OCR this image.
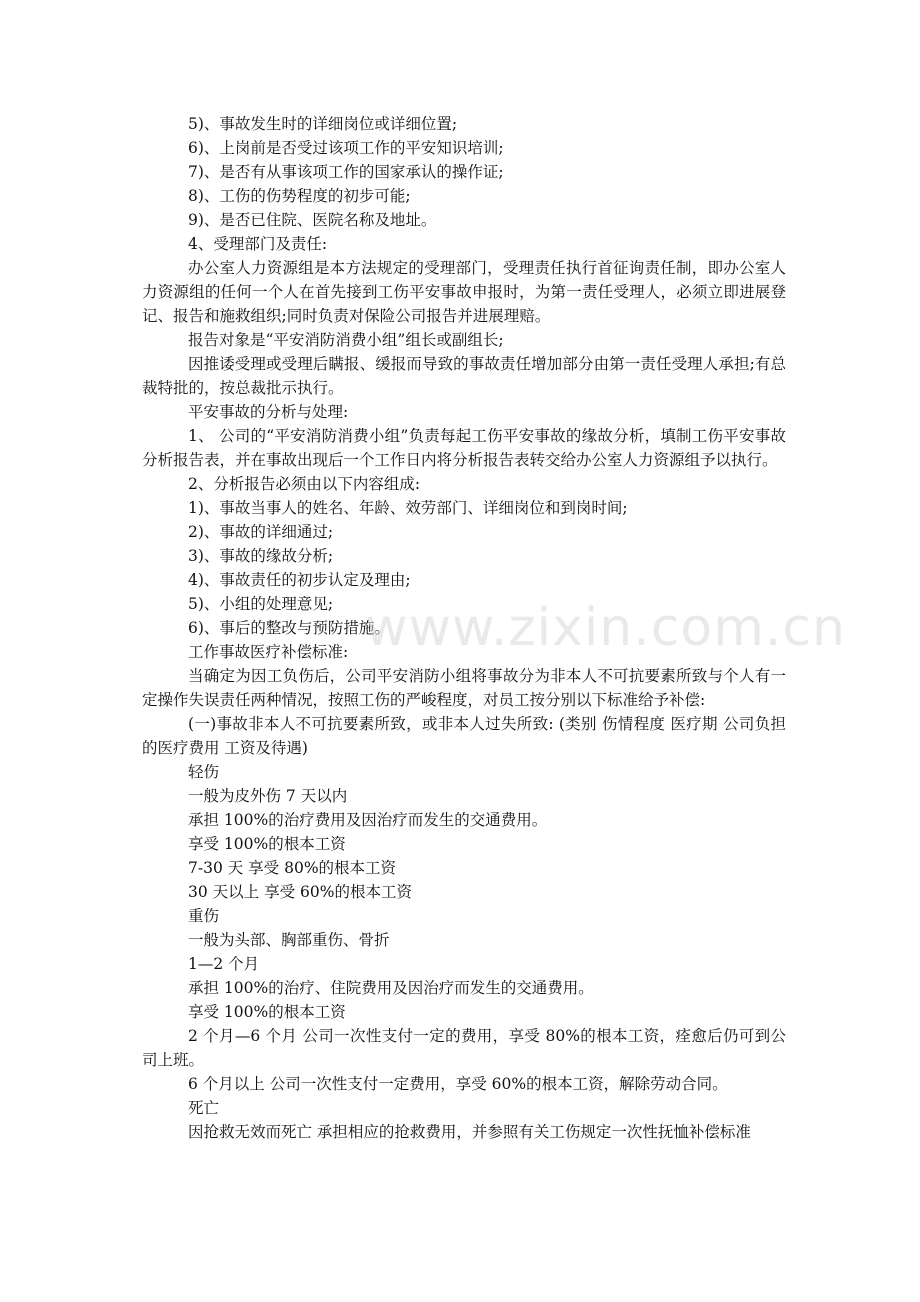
5)、事故发生时的详细岗位或详细位置;

6)、上岗前是否受过该项工作的平安知识培训;

7)、是否有从事该项工作的国家承认的操作证;

8)、工伤的伤势程度的初步可能;

9)、是否已住院、医院名称及地址。

4、受理部门及责任:

办公室人力资源组是本方法规定的受理部门，受理责任执行首征询责任制，即办公室人力资源组的任何一个人在首先接到工伤平安事故申报时，为第一责任受理人，必须立即进展登记、报告和施救组织;同时负责对保险公司报告并进展理赔。

报告对象是“平安消防消费小组”组长或副组长;

因推诿受理或受理后瞒报、缓报而导致的事故责任增加部分由第一责任受理人承担;有总裁特批的，按总裁批示执行。

平安事故的分析与处理:

1、 公司的“平安消防消费小组”负责每起工伤平安事故的缘故分析，填制工伤平安事故分析报告表，并在事故出现后一个工作日内将分析报告表转交给办公室人力资源组予以执行。

2、分析报告必须由以下内容组成:

1)、事故当事人的姓名、年龄、效劳部门、详细岗位和到岗时间;

2)、事故的详细通过;

3)、事故的缘故分析;

4)、事故责任的初步认定及理由;

5)、小组的处理意见;

6)、事后的整改与预防措施。

工作事故医疗补偿标准:

当确定为因工负伤后，公司平安消防小组将事故分为非本人不可抗要素所致与个人有一定操作失误责任两种情况，按照工伤的严峻程度，对员工按分别以下标准给予补偿:

(一)事故非本人不可抗要素所致，或非本人过失所致: (类别 伤情程度 医疗期 公司负担的医疗费用 工资及待遇)

轻伤

一般为皮外伤 7 天以内

承担 100%的治疗费用及因治疗而发生的交通费用。

享受 100%的根本工资

7-30 天 享受 80%的根本工资

30 天以上 享受 60%的根本工资

重伤

一般为头部、胸部重伤、骨折

1—2 个月

承担 100%的治疗、住院费用及因治疗而发生的交通费用。

享受 100%的根本工资

2 个月—6 个月 公司一次性支付一定的费用，享受 80%的根本工资，痊愈后仍可到公司上班。

6 个月以上 公司一次性支付一定费用，享受 60%的根本工资，解除劳动合同。

死亡

因抢救无效而死亡 承担相应的抢救费用，并参照有关工伤规定一次性抚恤补偿标准

www.zixin.com.cn
